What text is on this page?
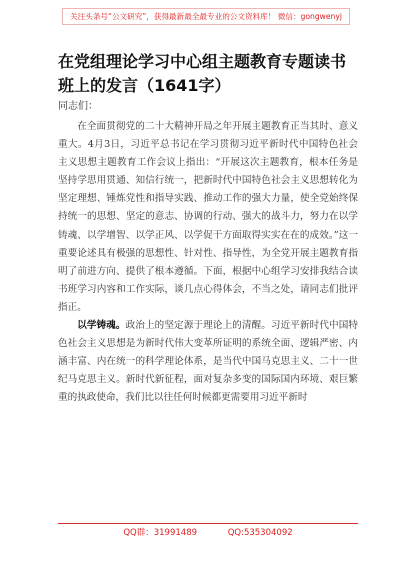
关注头条号“公文研究”，获得最新最全最专业的公文资料库！ 微信：gongwenyj
在党组理论学习中心组主题教育专题读书班上的发言（1641字）
同志们：

在全面贯彻党的二十大精神开局之年开展主题教育正当其时、意义重大。4月3日，习近平总书记在学习贯彻习近平新时代中国特色社会主义思想主题教育工作会议上指出：“开展这次主题教育，根本任务是坚持学思用贯通、知信行统一，把新时代中国特色社会主义思想转化为坚定理想、锤炼党性和指导实践、推动工作的强大力量，使全党始终保持统一的思想、坚定的意志、协调的行动、强大的战斗力，努力在以学铸魂、以学增智、以学正风、以学促干方面取得实实在在的成效。”这一重要论述具有极强的思想性、针对性、指导性，为全党开展主题教育指明了前进方向、提供了根本遵循。下面，根据中心组学习安排我结合读书班学习内容和工作实际，谈几点心得体会，不当之处，请同志们批评指正。

以学铸魂。政治上的坚定源于理论上的清醒。习近平新时代中国特色社会主义思想是为新时代伟大变革所证明的系统全面、逻辑严密、内涵丰富、内在统一的科学理论体系，是当代中国马克思主义、二十一世纪马克思主义。新时代新征程，面对复杂多变的国际国内环境、艰巨繁重的执政使命，我们比以往任何时候都更需要用习近平新时

QQ群：31991489	QQ:535304092
